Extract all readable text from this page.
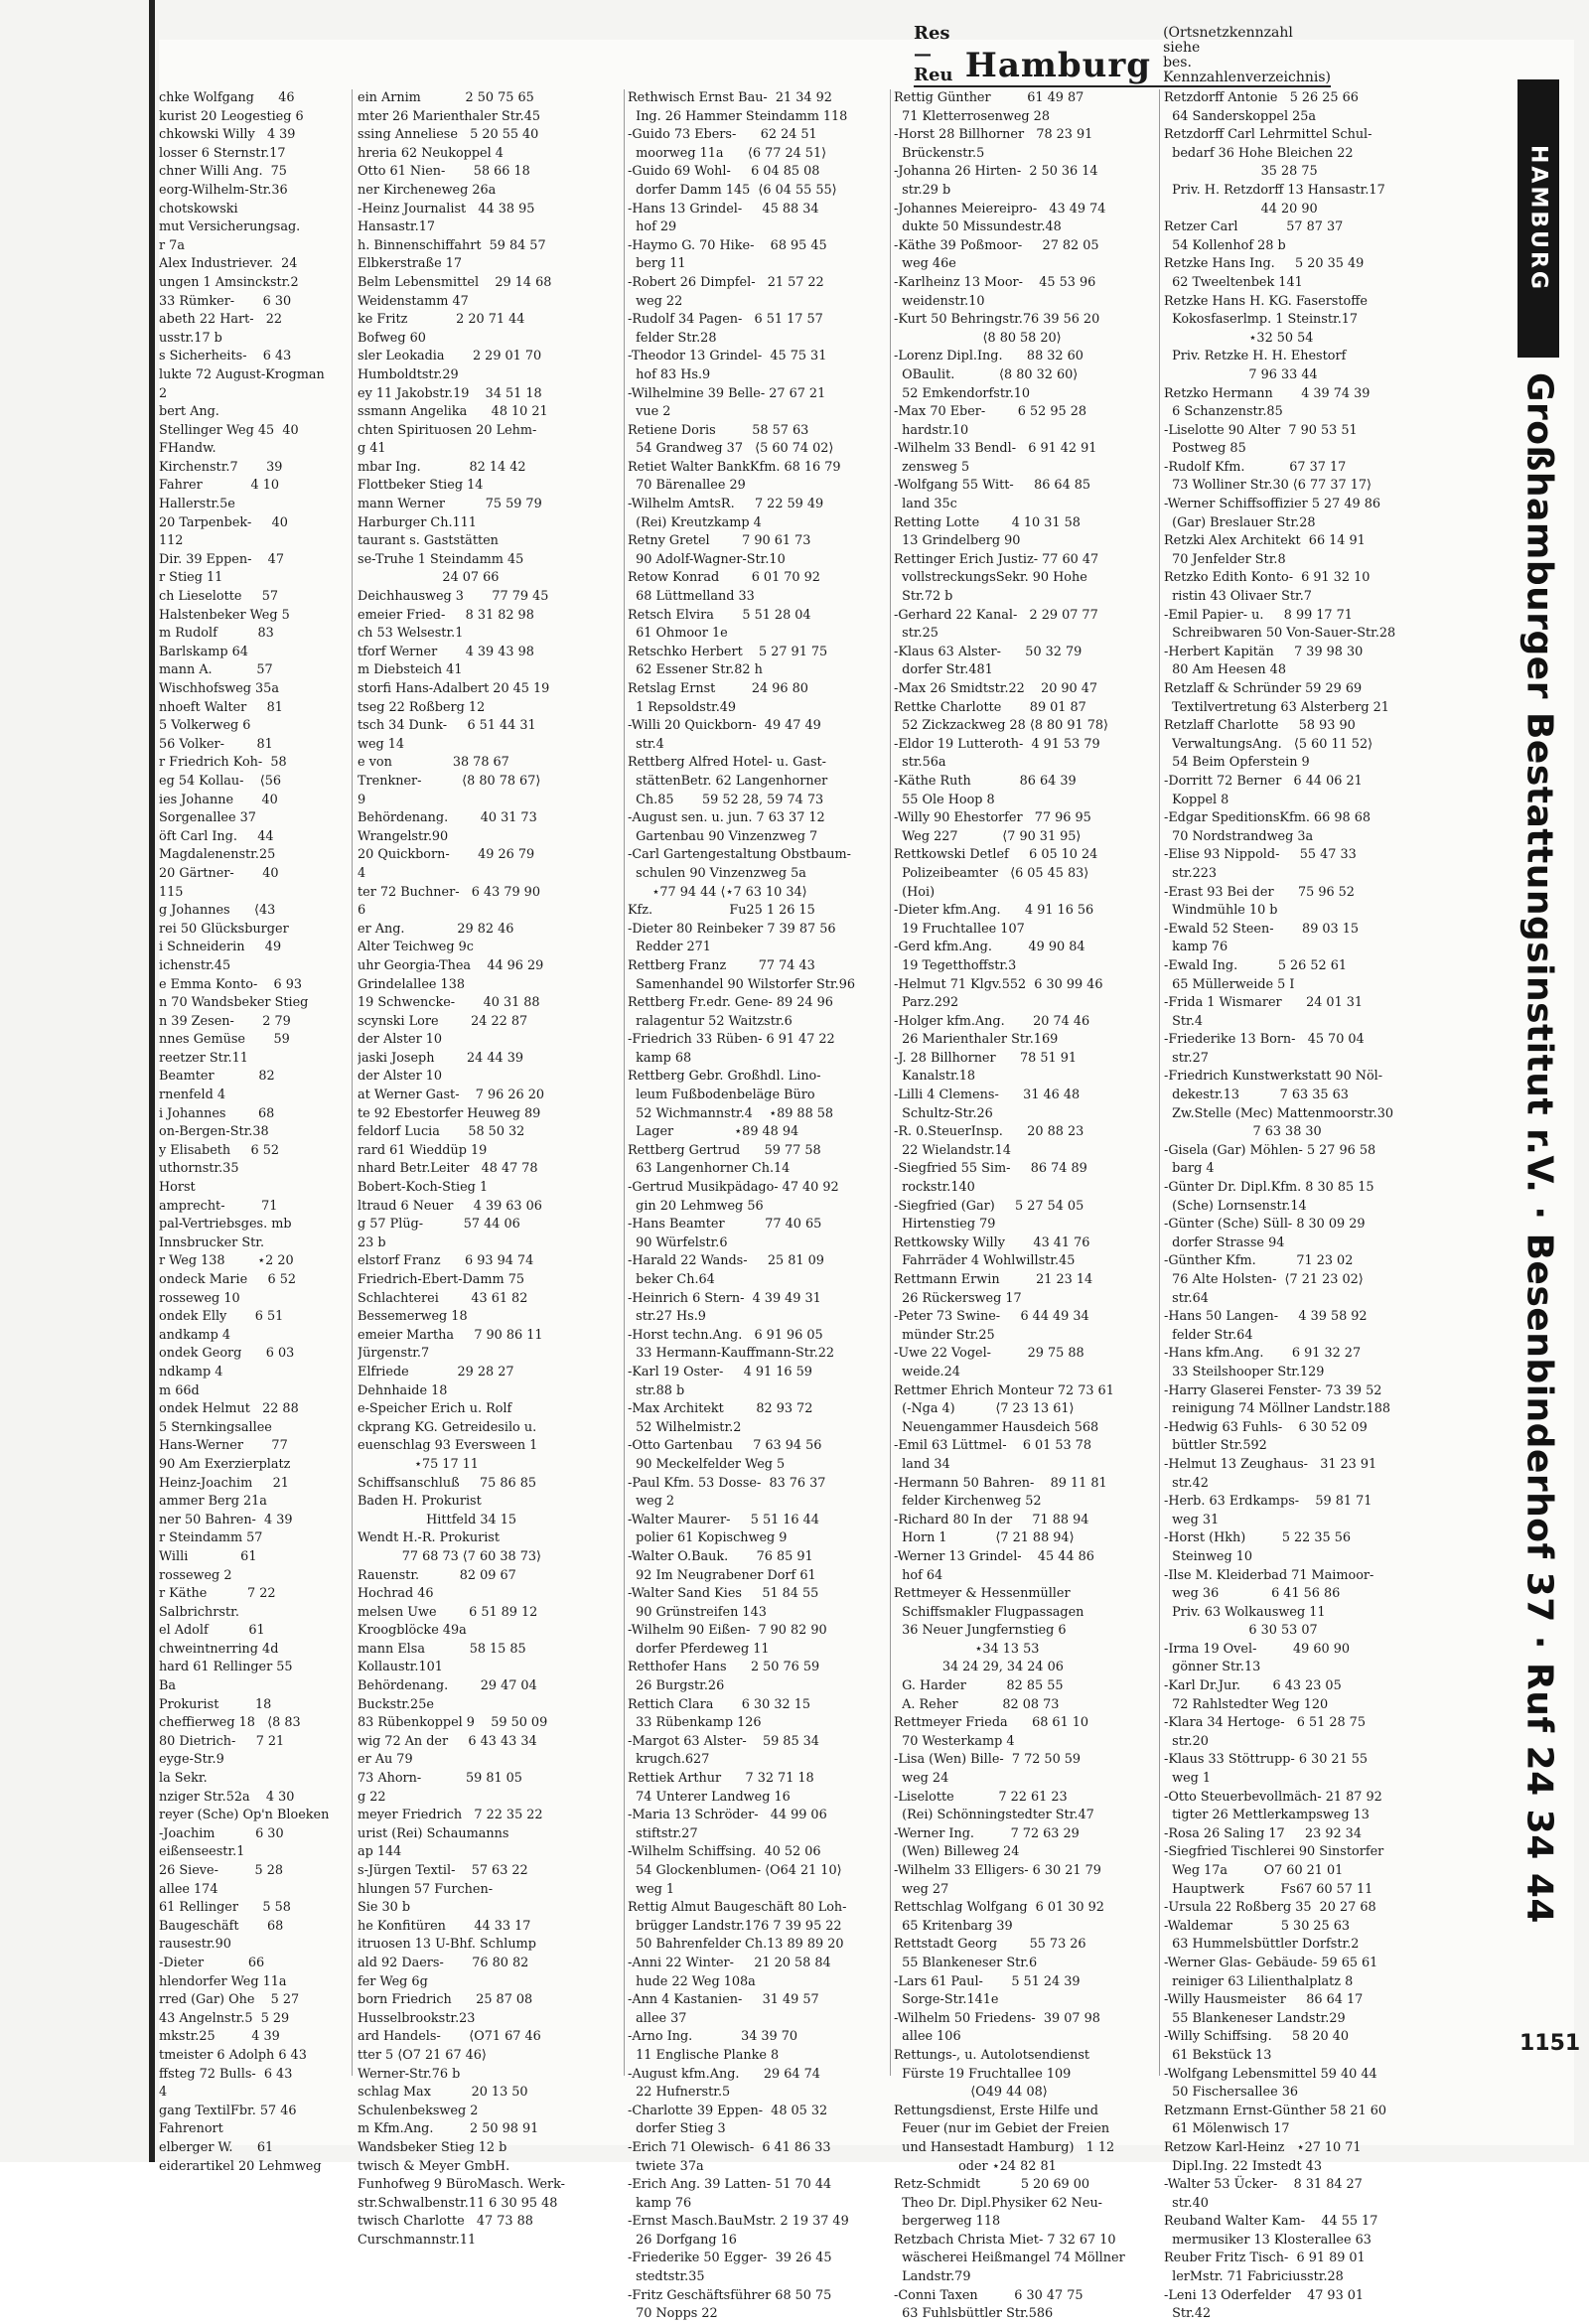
Res—Reu Hamburg
(Ortsnetzkennzahl siehe
bes. Kennzahlenverzeichnis)
chke Wolfgang      46
kurist 20 Leogestieg 6
chkowski Willy   4 39
losser 6 Sternstr.17
chner Willi Ang.  75
eorg-Wilhelm-Str.36
chotskowski
mut Versicherungsag.
r 7a
Alex Industriever.  24
ungen 1 Amsinckstr.2
33 Rümker-       6 30
abeth 22 Hart-   22
usstr.17 b
s Sicherheits-    6 43
lukte 72 August-Krogman
2
bert Ang.
Stellinger Weg 45  40
FHandw.
Kirchenstr.7       39
Fahrer            4 10
Hallerstr.5e
20 Tarpenbek-     40
112
Dir. 39 Eppen-    47
r Stieg 11
ch Lieselotte     57
Halstenbeker Weg 5
m Rudolf          83
Barlskamp 64
mann A.           57
Wischhofsweg 35a
nhoeft Walter     81
5 Volkerweg 6
56 Volker-        81
r Friedrich Koh-  58
eg 54 Kollau-    ⟨56
ies Johanne       40
Sorgenallee 37
öft Carl Ing.     44
Magdalenenstr.25
20 Gärtner-       40
115
g Johannes      ⟨43
rei 50 Glücksburger
i Schneiderin     49
ichenstr.45
e Emma Konto-    6 93
n 70 Wandsbeker Stieg
n 39 Zesen-       2 79
nnes Gemüse       59
reetzer Str.11
Beamter           82
rnenfeld 4
i Johannes        68
on-Bergen-Str.38
y Elisabeth     6 52
uthornstr.35
Horst
amprecht-         71
pal-Vertriebsges. mb
Innsbrucker Str.
r Weg 138        ⋆2 20
ondeck Marie     6 52
rosseweg 10
ondek Elly       6 51
andkamp 4
ondek Georg      6 03
ndkamp 4
m 66d
ondek Helmut   22 88
5 Sternkingsallee
Hans-Werner       77
90 Am Exerzierplatz
Heinz-Joachim     21
ammer Berg 21a
ner 50 Bahren-  4 39
r Steindamm 57
Willi             61
rosseweg 2
r Käthe          7 22
Salbrichrstr.
el Adolf          61
chweintnerring 4d
hard 61 Rellinger 55
Ba
Prokurist         18
cheffierweg 18   ⟨8 83
80 Dietrich-     7 21
eyge-Str.9
la Sekr.
nziger Str.52a    4 30
reyer (Sche) Op'n Bloeken
-Joachim          6 30
eißenseestr.1
26 Sieve-         5 28
allee 174
61 Rellinger      5 58
Baugeschäft       68
rausestr.90
-Dieter           66
hlendorfer Weg 11a
rred (Gar) Ohe    5 27
43 Angelnstr.5  5 29
mkstr.25         4 39
tmeister 6 Adolph 6 43
ffsteg 72 Bulls-  6 43
4
gang TextilFbr. 57 46
Fahrenort
elberger W.      61
eiderartikel 20 Lehmweg
ein Arnim           2 50 75 65
mter 26 Marienthaler Str.45
ssing Anneliese   5 20 55 40
hreria 62 Neukoppel 4
Otto 61 Nien-       58 66 18
ner Kircheneweg 26a
-Heinz Journalist   44 38 95
Hansastr.17
h. Binnenschiffahrt  59 84 57
Elbkerstraße 17
Belm Lebensmittel    29 14 68
Weidenstamm 47
ke Fritz            2 20 71 44
Bofweg 60
sler Leokadia       2 29 01 70
Humboldtstr.29
ey 11 Jakobstr.19    34 51 18
ssmann Angelika      48 10 21
chten Spirituosen 20 Lehm-
g 41
mbar Ing.            82 14 42
Flottbeker Stieg 14
mann Werner          75 59 79
Harburger Ch.111
taurant s. Gaststätten
se-Truhe 1 Steindamm 45
24 07 66
Deichhausweg 3       77 79 45
emeier Fried-     8 31 82 98
ch 53 Welsestr.1
tforf Werner       4 39 43 98
m Diebsteich 41
storfi Hans-Adalbert 20 45 19
tseg 22 Roßberg 12
tsch 34 Dunk-     6 51 44 31
weg 14
e von               38 78 67
Trenkner-          ⟨8 80 78 67⟩
9
Behördenang.        40 31 73
Wrangelstr.90
20 Quickborn-       49 26 79
4
ter 72 Buchner-   6 43 79 90
6
er Ang.             29 82 46
Alter Teichweg 9c
uhr Georgia-Thea    44 96 29
Grindelallee 138
19 Schwencke-       40 31 88
scynski Lore        24 22 87
der Alster 10
jaski Joseph        24 44 39
der Alster 10
at Werner Gast-    7 96 26 20
te 92 Ebestorfer Heuweg 89
feldorf Lucia       58 50 32
rard 61 Wieddüp 19
nhard Betr.Leiter   48 47 78
Bobert-Koch-Stieg 1
ltraud 6 Neuer     4 39 63 06
g 57 Plüg-          57 44 06
23 b
elstorf Franz      6 93 94 74
Friedrich-Ebert-Damm 75
Schlachterei        43 61 82
Bessemerweg 18
emeier Martha     7 90 86 11
Jürgenstr.7
Elfriede            29 28 27
Dehnhaide 18
e-Speicher Erich u. Rolf
ckprang KG. Getreidesilo u.
euenschlag 93 Eversween 1
⋆75 17 11
Schiffsanschluß     75 86 85
Baden H. Prokurist
Hittfeld 34 15
Wendt H.-R. Prokurist
77 68 73 ⟨7 60 38 73⟩
Rauenstr.          82 09 67
Hochrad 46
melsen Uwe        6 51 89 12
Kroogblöcke 49a
mann Elsa           58 15 85
Kollaustr.101
Behördenang.        29 47 04
Buckstr.25e
83 Rübenkoppel 9    59 50 09
wig 72 An der     6 43 43 34
er Au 79
73 Ahorn-           59 81 05
g 22
meyer Friedrich   7 22 35 22
urist (Rei) Schaumanns
ap 144
s-Jürgen Textil-    57 63 22
hlungen 57 Furchen-
Sie 30 b
he Konfitüren       44 33 17
itruosen 13 U-Bhf. Schlump
ald 92 Daers-       76 80 82
fer Weg 6g
born Friedrich      25 87 08
Husselbrookstr.23
ard Handels-       ⟨O71 67 46
tter 5 ⟨O7 21 67 46⟩
Werner-Str.76 b
schlag Max          20 13 50
Schulenbeksweg 2
m Kfm.Ang.         2 50 98 91
Wandsbeker Stieg 12 b
twisch & Meyer GmbH.
Funhofweg 9 BüroMasch. Werk-
str.Schwalbenstr.11 6 30 95 48
twisch Charlotte   47 73 88
Curschmannstr.11
Rethwisch Ernst Bau-  21 34 92
Ing. 26 Hammer Steindamm 118
-Guido 73 Ebers-      62 24 51
moorweg 11a      ⟨6 77 24 51⟩
-Guido 69 Wohl-     6 04 85 08
dorfer Damm 145  ⟨6 04 55 55⟩
-Hans 13 Grindel-     45 88 34
hof 29
-Haymo G. 70 Hike-    68 95 45
berg 11
-Robert 26 Dimpfel-   21 57 22
weg 22
-Rudolf 34 Pagen-   6 51 17 57
felder Str.28
-Theodor 13 Grindel-  45 75 31
hof 83 Hs.9
-Wilhelmine 39 Belle- 27 67 21
vue 2
Retiene Doris         58 57 63
54 Grandweg 37   ⟨5 60 74 02⟩
Retiet Walter BankKfm. 68 16 79
70 Bärenallee 29
-Wilhelm AmtsR.     7 22 59 49
(Rei) Kreutzkamp 4
Retny Gretel        7 90 61 73
90 Adolf-Wagner-Str.10
Retow Konrad        6 01 70 92
68 Lüttmelland 33
Retsch Elvira       5 51 28 04
61 Ohmoor 1e
Retschko Herbert    5 27 91 75
62 Essener Str.82 h
Retslag Ernst         24 96 80
1 Repsoldstr.49
-Willi 20 Quickborn-  49 47 49
str.4
Rettberg Alfred Hotel- u. Gast-
stättenBetr. 62 Langenhorner
Ch.85       59 52 28, 59 74 73
-August sen. u. jun. 7 63 37 12
Gartenbau 90 Vinzenzweg 7
-Carl Gartengestaltung Obstbaum-
schulen 90 Vinzenzweg 5a
⋆77 94 44 ⟨⋆7 63 10 34⟩
Kfz.                   Fu25 1 26 15
-Dieter 80 Reinbeker 7 39 87 56
Redder 271
Rettberg Franz        77 74 43
Samenhandel 90 Wilstorfer Str.96
Rettberg Fr.edr. Gene- 89 24 96
ralagentur 52 Waitzstr.6
-Friedrich 33 Rüben- 6 91 47 22
kamp 68
Rettberg Gebr. Großhdl. Lino-
leum Fußbodenbeläge Büro
52 Wichmannstr.4    ⋆89 88 58
Lager               ⋆89 48 94
Rettberg Gertrud      59 77 58
63 Langenhorner Ch.14
-Gertrud Musikpädago- 47 40 92
gin 20 Lehmweg 56
-Hans Beamter          77 40 65
90 Würfelstr.6
-Harald 22 Wands-     25 81 09
beker Ch.64
-Heinrich 6 Stern-  4 39 49 31
str.27 Hs.9
-Horst techn.Ang.   6 91 96 05
33 Hermann-Kauffmann-Str.22
-Karl 19 Oster-     4 91 16 59
str.88 b
-Max Architekt        82 93 72
52 Wilhelmistr.2
-Otto Gartenbau     7 63 94 56
90 Meckelfelder Weg 5
-Paul Kfm. 53 Dosse-  83 76 37
weg 2
-Walter Maurer-     5 51 16 44
polier 61 Kopischweg 9
-Walter O.Bauk.       76 85 91
92 Im Neugrabener Dorf 61
-Walter Sand Kies     51 84 55
90 Grünstreifen 143
-Wilhelm 90 Eißen-  7 90 82 90
dorfer Pferdeweg 11
Retthofer Hans      2 50 76 59
26 Burgstr.26
Rettich Clara       6 30 32 15
33 Rübenkamp 126
-Margot 63 Alster-    59 85 34
krugch.627
Rettiek Arthur      7 32 71 18
74 Unterer Landweg 16
-Maria 13 Schröder-   44 99 06
stiftstr.27
-Wilhelm Schiffsing.  40 52 06
54 Glockenblumen- ⟨O64 21 10⟩
weg 1
Rettig Almut Baugeschäft 80 Loh-
brügger Landstr.176 7 39 95 22
50 Bahrenfelder Ch.13 89 89 20
-Anni 22 Winter-     21 20 58 84
hude 22 Weg 108a
-Ann 4 Kastanien-     31 49 57
allee 37
-Arno Ing.            34 39 70
11 Englische Planke 8
-August kfm.Ang.      29 64 74
22 Hufnerstr.5
-Charlotte 39 Eppen-  48 05 32
dorfer Stieg 3
-Erich 71 Olewisch-  6 41 86 33
twiete 37a
-Erich Ang. 39 Latten- 51 70 44
kamp 76
-Ernst Masch.BauMstr. 2 19 37 49
26 Dorfgang 16
-Friederike 50 Egger-  39 26 45
stedtstr.35
-Fritz Geschäftsführer 68 50 75
70 Nopps 22
Rettig Günther         61 49 87
71 Kletterrosenweg 28
-Horst 28 Billhorner   78 23 91
Brückenstr.5
-Johanna 26 Hirten-  2 50 36 14
str.29 b
-Johannes Meiereipro-   43 49 74
dukte 50 Missundestr.48
-Käthe 39 Poßmoor-     27 82 05
weg 46e
-Karlheinz 13 Moor-    45 53 96
weidenstr.10
-Kurt 50 Behringstr.76 39 56 20
⟨8 80 58 20⟩
-Lorenz Dipl.Ing.      88 32 60
OBaulit.           ⟨8 80 32 60⟩
52 Emkendorfstr.10
-Max 70 Eber-        6 52 95 28
hardstr.10
-Wilhelm 33 Bendl-   6 91 42 91
zensweg 5
-Wolfgang 55 Witt-     86 64 85
land 35c
Retting Lotte        4 10 31 58
13 Grindelberg 90
Rettinger Erich Justiz- 77 60 47
vollstreckungsSekr. 90 Hohe
Str.72 b
-Gerhard 22 Kanal-   2 29 07 77
str.25
-Klaus 63 Alster-      50 32 79
dorfer Str.481
-Max 26 Smidtstr.22    20 90 47
Rettke Charlotte       89 01 87
52 Zickzackweg 28 ⟨8 80 91 78⟩
-Eldor 19 Lutteroth-  4 91 53 79
str.56a
-Käthe Ruth            86 64 39
55 Ole Hoop 8
-Willy 90 Ehestorfer   77 96 95
Weg 227           ⟨7 90 31 95⟩
Rettkowski Detlef     6 05 10 24
Polizeibeamter   ⟨6 05 45 83⟩
(Hoi)
-Dieter kfm.Ang.      4 91 16 56
19 Fruchtallee 107
-Gerd kfm.Ang.         49 90 84
19 Tegetthoffstr.3
-Helmut 71 Klgv.552  6 30 99 46
Parz.292
-Holger kfm.Ang.       20 74 46
26 Marienthaler Str.169
-J. 28 Billhorner      78 51 91
Kanalstr.18
-Lilli 4 Clemens-      31 46 48
Schultz-Str.26
-R. 0.SteuerInsp.      20 88 23
22 Wielandstr.14
-Siegfried 55 Sim-     86 74 89
rockstr.140
-Siegfried (Gar)     5 27 54 05
Hirtenstieg 79
Rettkowsky Willy       43 41 76
Fahrräder 4 Wohlwillstr.45
Rettmann Erwin         21 23 14
26 Rückersweg 17
-Peter 73 Swine-     6 44 49 34
münder Str.25
-Uwe 22 Vogel-         29 75 88
weide.24
Rettmer Ehrich Monteur 72 73 61
(-Nga 4)          ⟨7 23 13 61⟩
Neuengammer Hausdeich 568
-Emil 63 Lüttmel-    6 01 53 78
land 34
-Hermann 50 Bahren-    89 11 81
felder Kirchenweg 52
-Richard 80 In der     71 88 94
Horn 1            ⟨7 21 88 94⟩
-Werner 13 Grindel-    45 44 86
hof 64
Rettmeyer & Hessenmüller
Schiffsmakler Flugpassagen
36 Neuer Jungfernstieg 6
⋆34 13 53
34 24 29, 34 24 06
G. Harder          82 85 55
A. Reher           82 08 73
Rettmeyer Frieda      68 61 10
70 Westerkamp 4
-Lisa (Wen) Bille-  7 72 50 59
weg 24
-Liselotte           7 22 61 23
(Rei) Schönningstedter Str.47
-Werner Ing.         7 72 63 29
(Wen) Billeweg 24
-Wilhelm 33 Elligers- 6 30 21 79
weg 27
Rettschlag Wolfgang  6 01 30 92
65 Kritenbarg 39
Rettstadt Georg        55 73 26
55 Blankeneser Str.6
-Lars 61 Paul-       5 51 24 39
Sorge-Str.141e
-Wilhelm 50 Friedens-  39 07 98
allee 106
Rettungs-, u. Autolotsendienst
Fürste 19 Fruchtallee 109
⟨O49 44 08⟩
Rettungsdienst, Erste Hilfe und
Feuer (nur im Gebiet der Freien
und Hansestadt Hamburg)   1 12
oder ⋆24 82 81
Retz-Schmidt          5 20 69 00
Theo Dr. Dipl.Physiker 62 Neu-
bergerweg 118
Retzbach Christa Miet- 7 32 67 10
wäscherei Heißmangel 74 Möllner
Landstr.79
-Conni Taxen         6 30 47 75
63 Fuhlsbüttler Str.586
Retzdorff Antonie   5 26 25 66
64 Sanderskoppel 25a
Retzdorff Carl Lehrmittel Schul-
bedarf 36 Hohe Bleichen 22
35 28 75
Priv. H. Retzdorff 13 Hansastr.17
44 20 90
Retzer Carl            57 87 37
54 Kollenhof 28 b
Retzke Hans Ing.     5 20 35 49
62 Tweeltenbek 141
Retzke Hans H. KG. Faserstoffe
Kokosfaserlmp. 1 Steinstr.17
⋆32 50 54
Priv. Retzke H. H. Ehestorf
7 96 33 44
Retzko Hermann       4 39 74 39
6 Schanzenstr.85
-Liselotte 90 Alter  7 90 53 51
Postweg 85
-Rudolf Kfm.           67 37 17
73 Wolliner Str.30 ⟨6 77 37 17⟩
-Werner Schiffsoffizier 5 27 49 86
(Gar) Breslauer Str.28
Retzki Alex Architekt  66 14 91
70 Jenfelder Str.8
Retzko Edith Konto-  6 91 32 10
ristin 43 Olivaer Str.7
-Emil Papier- u.     8 99 17 71
Schreibwaren 50 Von-Sauer-Str.28
-Herbert Kapitän     7 39 98 30
80 Am Heesen 48
Retzlaff & Schründer 59 29 69
Textilvertretung 63 Alsterberg 21
Retzlaff Charlotte     58 93 90
VerwaltungsAng.   ⟨5 60 11 52⟩
54 Beim Opferstein 9
-Dorritt 72 Berner   6 44 06 21
Koppel 8
-Edgar SpeditionsKfm. 66 98 68
70 Nordstrandweg 3a
-Elise 93 Nippold-     55 47 33
str.223
-Erast 93 Bei der      75 96 52
Windmühle 10 b
-Ewald 52 Steen-       89 03 15
kamp 76
-Ewald Ing.          5 26 52 61
65 Müllerweide 5 I
-Frida 1 Wismarer      24 01 31
Str.4
-Friederike 13 Born-   45 70 04
str.27
-Friedrich Kunstwerkstatt 90 Nöl-
dekestr.13          7 63 35 63
Zw.Stelle (Mec) Mattenmoorstr.30
7 63 38 30
-Gisela (Gar) Möhlen- 5 27 96 58
barg 4
-Günter Dr. Dipl.Kfm. 8 30 85 15
(Sche) Lornsenstr.14
-Günter (Sche) Süll- 8 30 09 29
dorfer Strasse 94
-Günther Kfm.          71 23 02
76 Alte Holsten-  ⟨7 21 23 02⟩
str.64
-Hans 50 Langen-     4 39 58 92
felder Str.64
-Hans kfm.Ang.       6 91 32 27
33 Steilshooper Str.129
-Harry Glaserei Fenster- 73 39 52
reinigung 74 Möllner Landstr.188
-Hedwig 63 Fuhls-    6 30 52 09
büttler Str.592
-Helmut 13 Zeughaus-   31 23 91
str.42
-Herb. 63 Erdkamps-    59 81 71
weg 31
-Horst (Hkh)         5 22 35 56
Steinweg 10
-Ilse M. Kleiderbad 71 Maimoor-
weg 36             6 41 56 86
Priv. 63 Wolkausweg 11
6 30 53 07
-Irma 19 Ovel-         49 60 90
gönner Str.13
-Karl Dr.Jur.        6 43 23 05
72 Rahlstedter Weg 120
-Klara 34 Hertoge-   6 51 28 75
str.20
-Klaus 33 Stöttrupp- 6 30 21 55
weg 1
-Otto Steuerbevollmäch- 21 87 92
tigter 26 Mettlerkampsweg 13
-Rosa 26 Saling 17     23 92 34
-Siegfried Tischlerei 90 Sinstorfer
Weg 17a         O7 60 21 01
Hauptwerk         Fs67 60 57 11
-Ursula 22 Roßberg 35  20 27 68
-Waldemar            5 30 25 63
63 Hummelsbüttler Dorfstr.2
-Werner Glas- Gebäude- 59 65 61
reiniger 63 Lilienthalplatz 8
-Willy Hausmeister     86 64 17
55 Blankeneser Landstr.29
-Willy Schiffsing.     58 20 40
61 Bekstück 13
-Wolfgang Lebensmittel 59 40 44
50 Fischersallee 36
Retzmann Ernst-Günther 58 21 60
61 Mölenwisch 17
Retzow Karl-Heinz   ⋆27 10 71
Dipl.Ing. 22 Imstedt 43
-Walter 53 Ücker-    8 31 84 27
str.40
Reuband Walter Kam-    44 55 17
mermusiker 13 Klosterallee 63
Reuber Fritz Tisch-  6 91 89 01
lerMstr. 71 Fabriciusstr.28
-Leni 13 Oderfelder    47 93 01
Str.42
HAMBURG
Großhamburger Bestattungsinstitut r.V. · Besenbinderhof 37 · Ruf 24 34 44
1151
